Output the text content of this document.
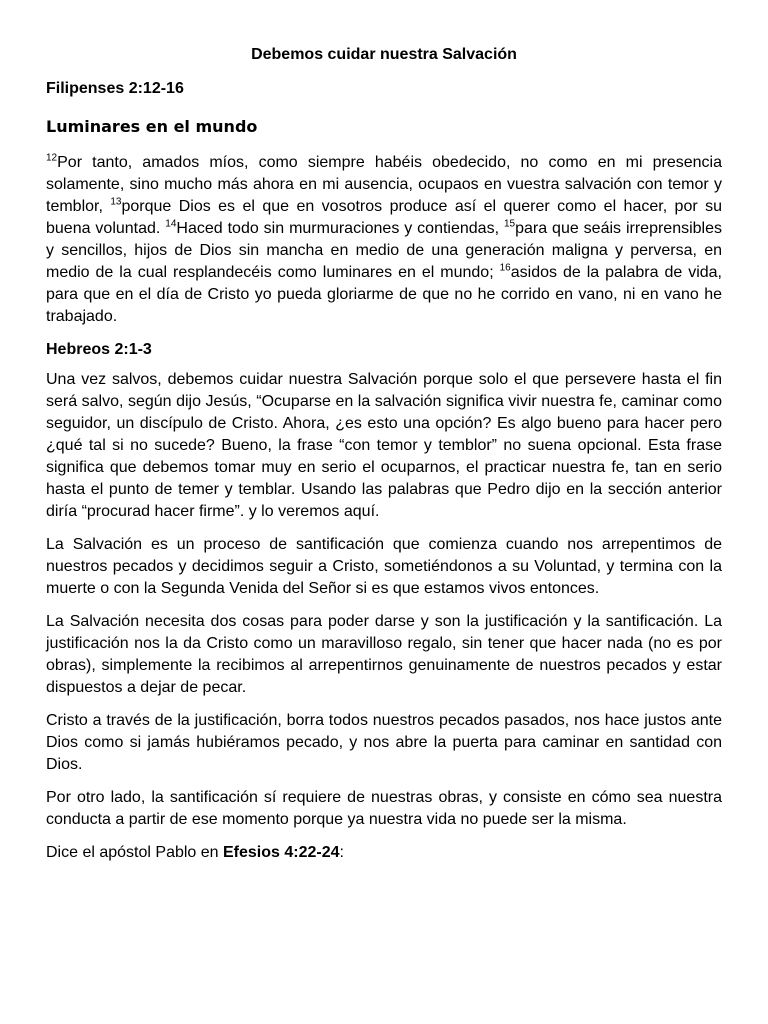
Debemos cuidar nuestra Salvación
Filipenses 2:12-16
Luminares en el mundo

$^{12}$Por tanto, amados míos, como siempre habéis obedecido, no como en mi presencia solamente, sino mucho más ahora en mi ausencia, ocupaos en vuestra salvación con temor y temblor, $^{13}$porque Dios es el que en vosotros produce así el querer como el hacer, por su buena voluntad. $^{14}$Haced todo sin murmuraciones y contiendas, $^{15}$para que seáis irreprensibles y sencillos, hijos de Dios sin mancha en medio de una generación maligna y perversa, en medio de la cual resplandecéis como luminares en el mundo; $^{16}$asidos de la palabra de vida, para que en el día de Cristo yo pueda gloriarme de que no he corrido en vano, ni en vano he trabajado.

Hebreos 2:1-3

Una vez salvos, debemos cuidar nuestra Salvación porque solo el que persevere hasta el fin será salvo, según dijo Jesús, “Ocuparse en la salvación significa vivir nuestra fe, caminar como seguidor, un discípulo de Cristo. Ahora, ¿es esto una opción? Es algo bueno para hacer pero ¿qué tal si no sucede? Bueno, la frase “con temor y temblor” no suena opcional. Esta frase significa que debemos tomar muy en serio el ocuparnos, el practicar nuestra fe, tan en serio hasta el punto de temer y temblar. Usando las palabras que Pedro dijo en la sección anterior diría “procurad hacer firme”. y lo veremos aquí.

La Salvación es un proceso de santificación que comienza cuando nos arrepentimos de nuestros pecados y decidimos seguir a Cristo, sometiéndonos a su Voluntad, y termina con la muerte o con la Segunda Venida del Señor si es que estamos vivos entonces.

La Salvación necesita dos cosas para poder darse y son la justificación y la santificación. La justificación nos la da Cristo como un maravilloso regalo, sin tener que hacer nada (no es por obras), simplemente la recibimos al arrepentirnos genuinamente de nuestros pecados y estar dispuestos a dejar de pecar.

Cristo a través de la justificación, borra todos nuestros pecados pasados, nos hace justos ante Dios como si jamás hubiéramos pecado, y nos abre la puerta para caminar en santidad con Dios.

Por otro lado, la santificación sí requiere de nuestras obras, y consiste en cómo sea nuestra conducta a partir de ese momento porque ya nuestra vida no puede ser la misma.

Dice el apóstol Pablo en Efesios 4:22-24:
